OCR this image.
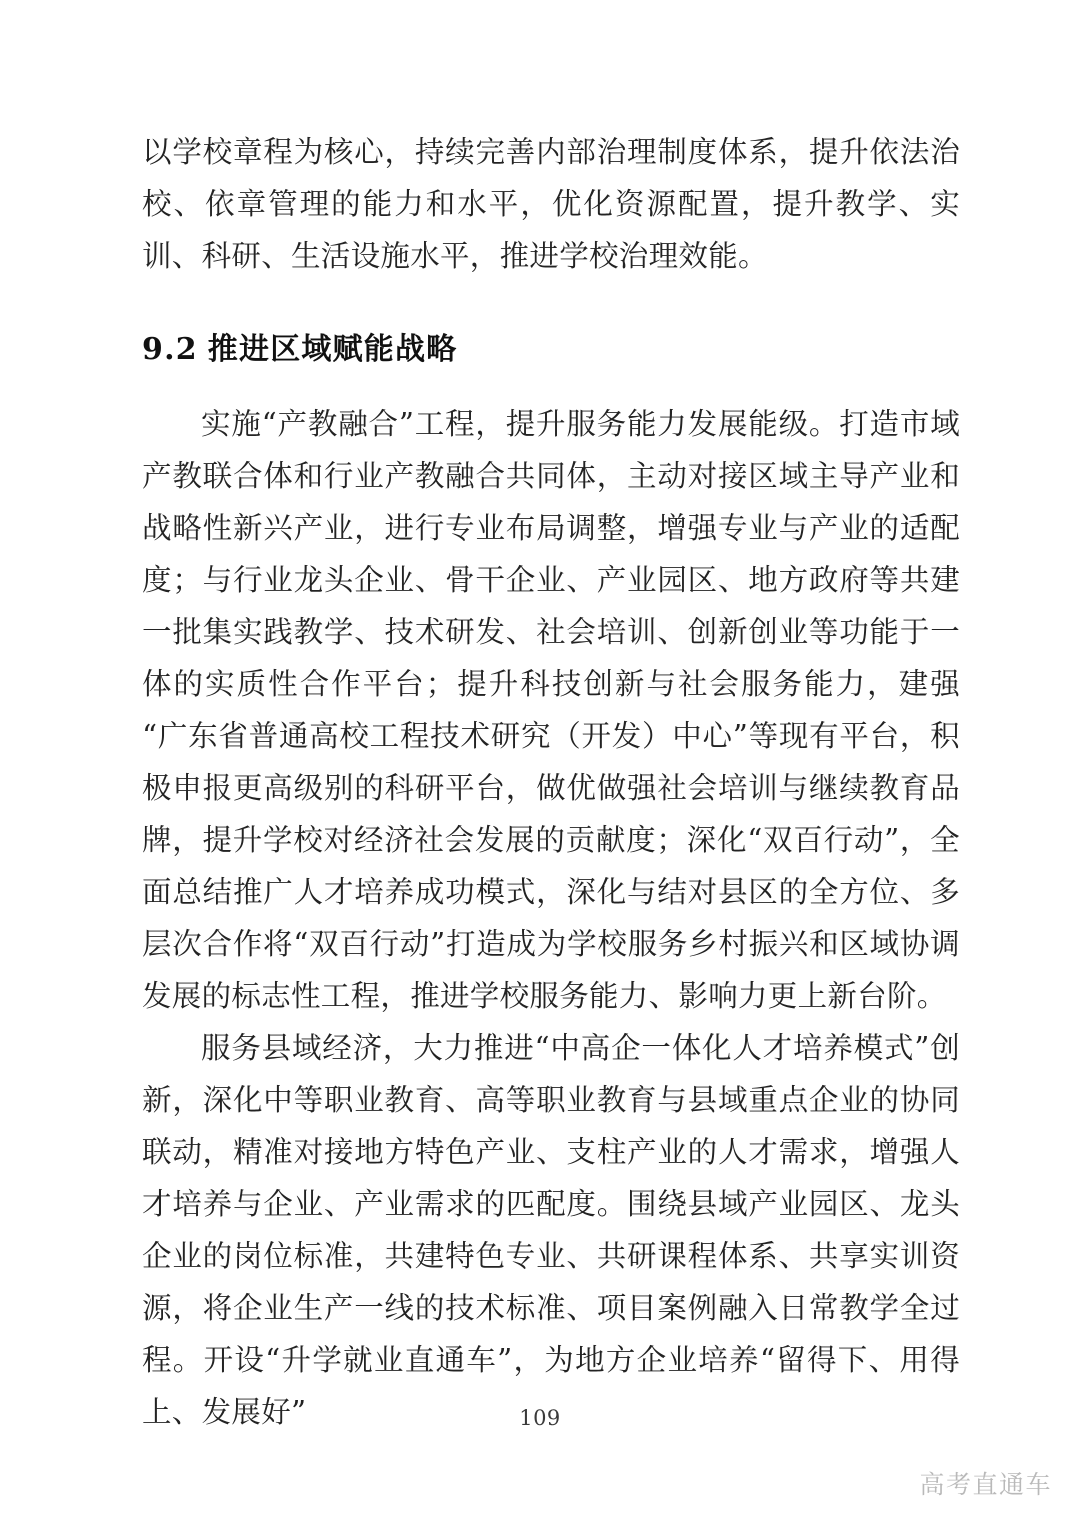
以学校章程为核心，持续完善内部治理制度体系，提升依法治校、依章管理的能力和水平，优化资源配置，提升教学、实训、科研、生活设施水平，推进学校治理效能。

9.2 推进区域赋能战略

实施“产教融合”工程，提升服务能力发展能级。打造市域产教联合体和行业产教融合共同体，主动对接区域主导产业和战略性新兴产业，进行专业布局调整，增强专业与产业的适配度；与行业龙头企业、骨干企业、产业园区、地方政府等共建一批集实践教学、技术研发、社会培训、创新创业等功能于一体的实质性合作平台；提升科技创新与社会服务能力，建强“广东省普通高校工程技术研究（开发）中心”等现有平台，积极申报更高级别的科研平台，做优做强社会培训与继续教育品牌，提升学校对经济社会发展的贡献度；深化“双百行动”，全面总结推广人才培养成功模式，深化与结对县区的全方位、多层次合作将“双百行动”打造成为学校服务乡村振兴和区域协调发展的标志性工程，推进学校服务能力、影响力更上新台阶。

服务县域经济，大力推进“中高企一体化人才培养模式”创新，深化中等职业教育、高等职业教育与县域重点企业的协同联动，精准对接地方特色产业、支柱产业的人才需求，增强人才培养与企业、产业需求的匹配度。围绕县域产业园区、龙头企业的岗位标准，共建特色专业、共研课程体系、共享实训资源，将企业生产一线的技术标准、项目案例融入日常教学全过程。开设“升学就业直通车”，为地方企业培养“留得下、用得上、发展好”	109
高考直通车
